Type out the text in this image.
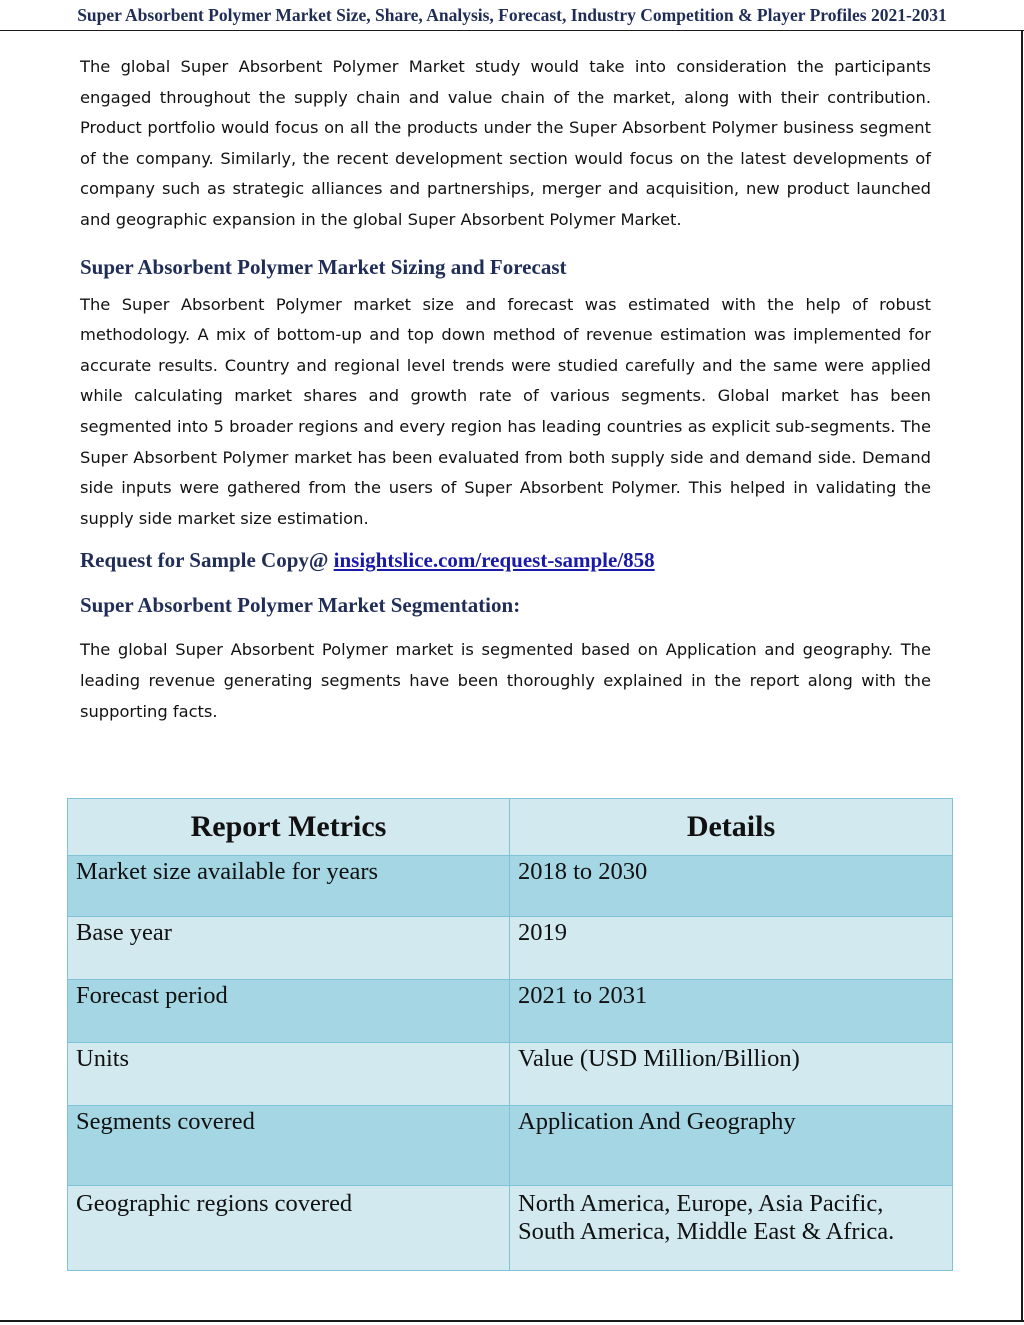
Super Absorbent Polymer Market Size, Share, Analysis, Forecast, Industry Competition & Player Profiles 2021-2031

The global Super Absorbent Polymer Market study would take into consideration the participants engaged throughout the supply chain and value chain of the market, along with their contribution. Product portfolio would focus on all the products under the Super Absorbent Polymer business segment of the company. Similarly, the recent development section would focus on the latest developments of company such as strategic alliances and partnerships, merger and acquisition, new product launched and geographic expansion in the global Super Absorbent Polymer Market.

Super Absorbent Polymer Market Sizing and Forecast

The Super Absorbent Polymer market size and forecast was estimated with the help of robust methodology. A mix of bottom-up and top down method of revenue estimation was implemented for accurate results. Country and regional level trends were studied carefully and the same were applied while calculating market shares and growth rate of various segments. Global market has been segmented into 5 broader regions and every region has leading countries as explicit sub-segments. The Super Absorbent Polymer market has been evaluated from both supply side and demand side. Demand side inputs were gathered from the users of Super Absorbent Polymer. This helped in validating the supply side market size estimation.

Request for Sample Copy@ insightslice.com/request-sample/858

Super Absorbent Polymer Market Segmentation:

The global Super Absorbent Polymer market is segmented based on Application and geography. The leading revenue generating segments have been thoroughly explained in the report along with the supporting facts.

Report Metrics	Details
Market size available for years	2018 to 2030
Base year	2019
Forecast period	2021 to 2031
Units	Value (USD Million/Billion)
Segments covered	Application And Geography
Geographic regions covered	North America, Europe, Asia Pacific, South America, Middle East & Africa.
